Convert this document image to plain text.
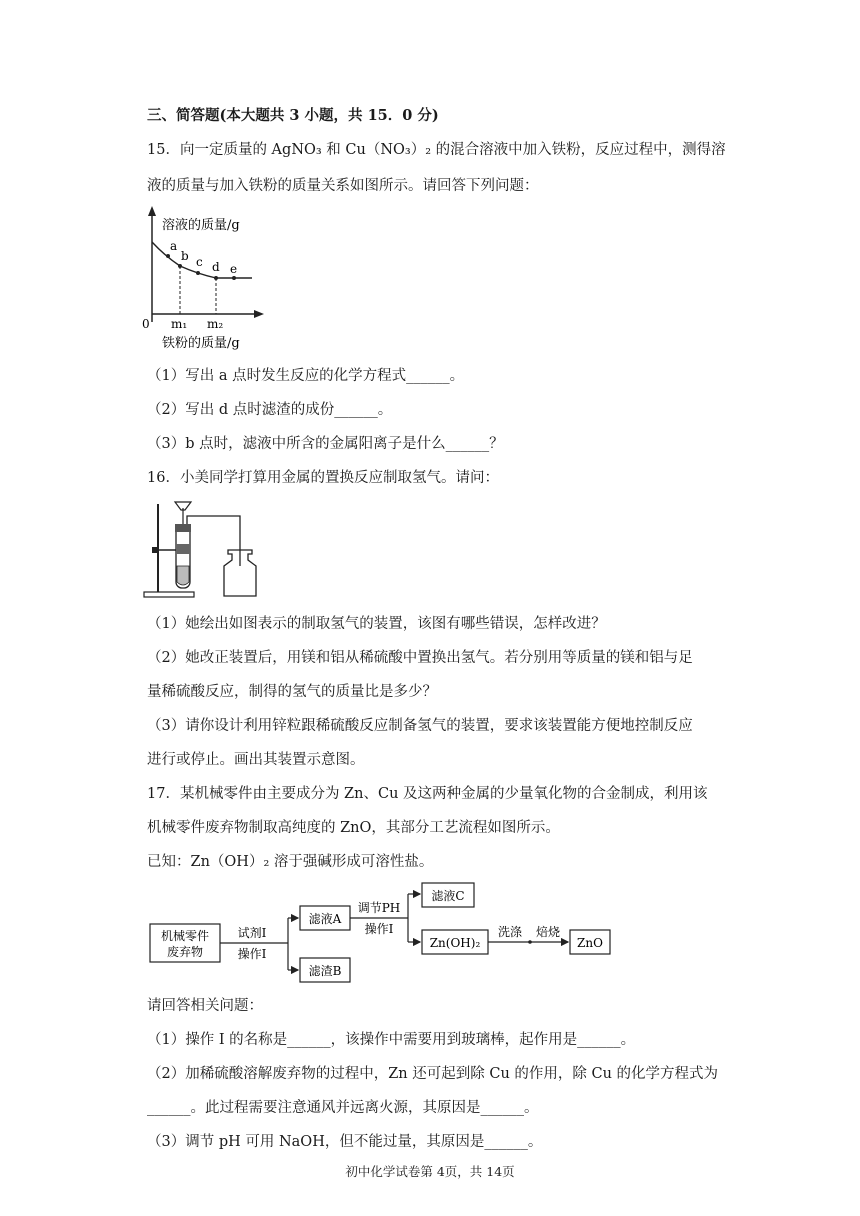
三、简答题(本大题共 3 小题，共 15．0 分)
15．向一定质量的 AgNO₃ 和 Cu（NO₃）₂ 的混合溶液中加入铁粉，反应过程中，测得溶
液的质量与加入铁粉的质量关系如图所示。请回答下列问题：
a
b c d e
溶液的质量/g
0 m₁ m₂
铁粉的质量/g
（1）写出 a 点时发生反应的化学方程式______。
（2）写出 d 点时滤渣的成份______。
（3）b 点时，滤液中所含的金属阳离子是什么______？
16．小美同学打算用金属的置换反应制取氢气。请问：
（1）她绘出如图表示的制取氢气的装置，该图有哪些错误，怎样改进？
（2）她改正装置后，用镁和铝从稀硫酸中置换出氢气。若分别用等质量的镁和铝与足
量稀硫酸反应，制得的氢气的质量比是多少？
（3）请你设计利用锌粒跟稀硫酸反应制备氢气的装置，要求该装置能方便地控制反应
进行或停止。画出其装置示意图。
17．某机械零件由主要成分为 Zn、Cu 及这两种金属的少量氧化物的合金制成，利用该
机械零件废弃物制取高纯度的 ZnO，其部分工艺流程如图所示。
已知：Zn（OH）₂ 溶于强碱形成可溶性盐。
机械零件
废弃物
试剂I
操作I
滤液A
滤渣B
调节PH
操作I
滤液C
Zn(OH)₂
洗涤 焙烧
ZnO
请回答相关问题：
（1）操作 I 的名称是______，该操作中需要用到玻璃棒，起作用是______。
（2）加稀硫酸溶解废弃物的过程中，Zn 还可起到除 Cu 的作用，除 Cu 的化学方程式为
______。此过程需要注意通风并远离火源，其原因是______。
（3）调节 pH 可用 NaOH，但不能过量，其原因是______。
初中化学试卷第 4页，共 14页
